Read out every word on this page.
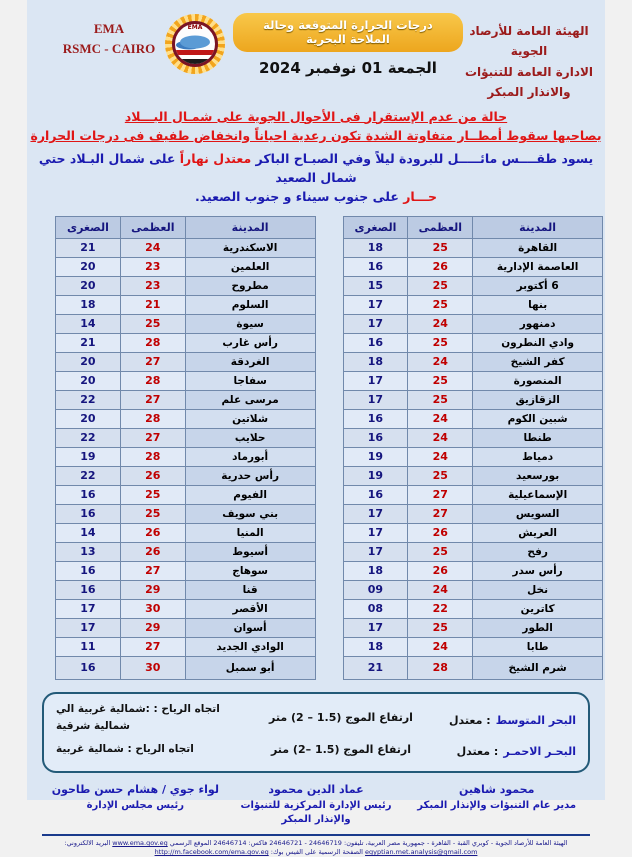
EMA
RSMC - CAIRO
EMA	درجات الحرارة المتوقعة وحالة الملاحة البحرية
الجمعة 01 نوفمبر 2024
الهيئة العامة للأرصاد الجوية
الادارة العامة للتنبؤات والانذار المبكر
حالة من عدم الإستقرار فى الأحوال الجوية على شمـال البـــلاد
يصاحبها سقوط أمطــار متفاوتة الشدة تكون رعدية احياناً وانخفاض طفيف فى درجات الحرارة
يسود طقــــس مائـــــل للبرودة ليلاً وفي الصبـاح الباكر معتدل نهاراً على شمال البـلاد حتي شمال الصعيد
حـــار على جنوب سيناء و جنوب الصعيد.
المدينة	العظمى	الصغرى
القاهرة	25	18
العاصمة الإدارية	26	16
6 أكتوبر	25	15
بنها	25	17
دمنهور	24	17
وادي النطرون	25	16
كفر الشيخ	24	18
المنصورة	25	17
الزقازيق	25	17
شبين الكوم	24	16
طنطا	24	16
دمياط	24	19
بورسعيد	25	19
الإسماعيلية	27	16
السويس	27	17
العريش	26	17
رفح	25	17
رأس سدر	26	18
نخل	24	09
كاترين	22	08
الطور	25	17
طابا	24	18
شرم الشيخ	28	21
المدينة	العظمى	الصغرى
الاسكندرية	24	21
العلمين	23	20
مطروح	23	20
السلوم	21	18
سيوة	25	14
رأس غارب	28	21
الغردقة	27	20
سفاجا	28	20
مرسى علم	27	22
شلاتين	28	20
حلايب	27	22
أبورماد	28	19
رأس حدرية	26	22
الفيوم	25	16
بني سويف	25	16
المنيا	26	14
أسيوط	26	13
سوهاج	27	16
قنا	29	16
الأقصر	30	17
أسوان	29	17
الوادي الجديد	27	11
أبو سمبل	30	16
البحر المتوسط : معتدل
ارتفاع الموج (1.5 – 2) متر
اتجاه الرياح : :شمالية غربية الي شمالية شرقية
البحـر الاحمـر : معتدل
ارتفاع الموج (1.5 –2) متر
اتجاه الرياح : شمالية غربية
محمود شاهين
مدير عام التنبؤات والإنذار المبكر
عماد الدين محمود
رئيس الإدارة المركزية للتنبؤات والإنذار المبكر
لواء جوي / هشام حسن طاحون
رئيس مجلس الإدارة
الهيئة العامة للأرصاد الجوية - كوبري القبة - القاهرة - جمهورية مصر العربية، تليفون: 24646719 - 24646721 فاكس: 24646714 الموقع الرسمي www.ema.gov.eg البريد الالكتروني: egyptian.met.analysis@gmail.com الصفحة الرسمية على الفيس بوك: http://m.facebook.com/ema.gov.eg
